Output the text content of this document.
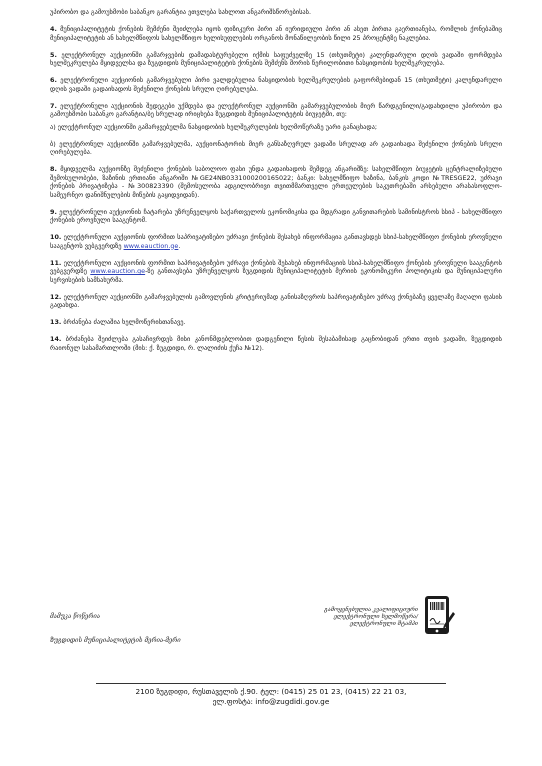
უპირობო და გამოუხმობი საბანკო გარანტია ეთვლება სახლოთ ანგარიშსწორებისას.

4. მუნიციპალიტეტის ქონების შემძენი შეიძლება იყოს ფიზიკური პირი ან იურიდიული პირი ან ასეთ პირთა გაერთიანება, რომლის ქონებაშიც მუნიციპალიტეტის ან სახელმწიფოს სახელმწიფო ხელისუფლების ორგანოს მონაწილეობის წილი 25 პროცენტზე ნაკლებია.

5. ელექტრონულ აუქციონში გამარჯვების დამადასტურებელი იქმის საფუძველზე 15 (თხუთმეტი) კალენდარული დღის ვადაში ფორმდება ხელშეკრულება მყიდველსა და ზუგდიდის მუნიციპალიტეტის ქონების შემძენს შორის წერილობითი ნასყიდობის ხელშეკრულება.

6. ელექტრონული აუქციონის გამარჯვებული პირი ვალდებულია ნასყიდობის ხელშეკრულების გაფორმებიდან 15 (თხუთმეტი) კალენდარული დღის ვადაში გადაიხადოს შეძენილი ქონების სრული ღირებულება.

7. ელექტრონული აუქციონის შედეგები უქმდება და ელექტრონულ აუქციონში გამარჯვებულობის მიერ წარდგენილი/გადახდილი უპირობო და გამოუხმობი საბანკო გარანტია/ბე სრულად ირიცხება ზუგდიდის მუნიციპალიტეტის ბიუჯეტში, თუ:

ა) ელექტრონულ აუქციონში გამარჯვებულმა ნასყიდობის ხელშეკრულების ხელმოწერაზე უარი განაცხადა;

ბ) ელექტრონულ აუქციონში გამარჯვებულმა, აუქციონატორის მიერ განსაზღვრულ ვადაში სრულად არ გადაიხადა შეძენილი ქონების სრული ღირებულება.

8. მყიდველმა აუქციონზე შეძენილი ქონების საბოლოო ფასი უნდა გადაიხადოს შემდეგ ანგარიშზე: სახელმწიფო ბიუჯეტის ცენტრალიზებული შემოსულობები, ზაზინის ერთიანი ანგარიში №GE24NB0331000200165022; ბანკი: სახელმწიფო ხაზინა, ბანკის კოდი №TRESGE22, უძრავი ქონების პრივატიზება - №300823390 (შემოსულობა ადგილობრივი თვითმმართველი ერთეულების საკუთრებაში არსებული არასასოფლო-სამეურნეო დანიშნულების მიწების გაყიდვიდან).

9. ელექტრონული აუქციონის ჩატარება უზრუნველყოს საქართველოს ეკონომიკისა და მდგრადი განვითარების სამინისტროს სსიპ - სახელმწიფო ქონების ეროვნული სააგენტომ.

10. ელექტრონული აუქციონის ფორმით საპრივატიზებო უძრავი ქონების შესახებ ინფორმაცია განთავსდეს სსიპ-სახელმწიფო ქონების ეროვნული სააგენტოს ვებგვერდზე www.eauction.ge.

11. ელექტრონული აუქციონის ფორმით საპრივატიზებო უძრავი ქონების შესახებ ინფორმაციის სსიპ-სახელმწიფო ქონების ეროვნული სააგენტოს ვებგვერდზე www.eauction.ge-ზე განთავსება უზრუნველყოს ზუგდიდის მუნიციპალიტეტის მერიის ეკონომიკური პოლიტიკის და მუნიციპალური სერვისების სამსახურმა.

12. ელექტრონულ აუქციონში გამარჯვებულის გამოვლენის კრიტერიუმად განისაზღვროს საპრივატიზებო უძრავ ქონებაზე ყველაზე მაღალი ფასის გადახდა.

13. ბრძანება ძალაშია ხელმოწერისთანავე.

14. ბრძანება შეიძლება გასაჩივრდეს მისი კანონმდებლობით დადგენილი წესის შესაბამისად გაცნობიდან ერთი თვის ვადაში, ზუგდიდის რაიონულ სასამართლოში (მის: ქ. ზუგდიდი, რ. ლალიძის ქუჩა №12).

მამუკა წოწერია
ზუგდიდის მუნიციპალიტეტის მერია-მერი
გამოყენებულია კვალიფიციური
ელექტრონული ხელმოწერა/
ელექტრონული შტამპი
2100 ზუგდიდი, რუსთაველის ქ.90. ტელ: (0415) 25 01 23, (0415) 22 21 03,
ელ.ფოსტა: info@zugdidi.gov.ge
